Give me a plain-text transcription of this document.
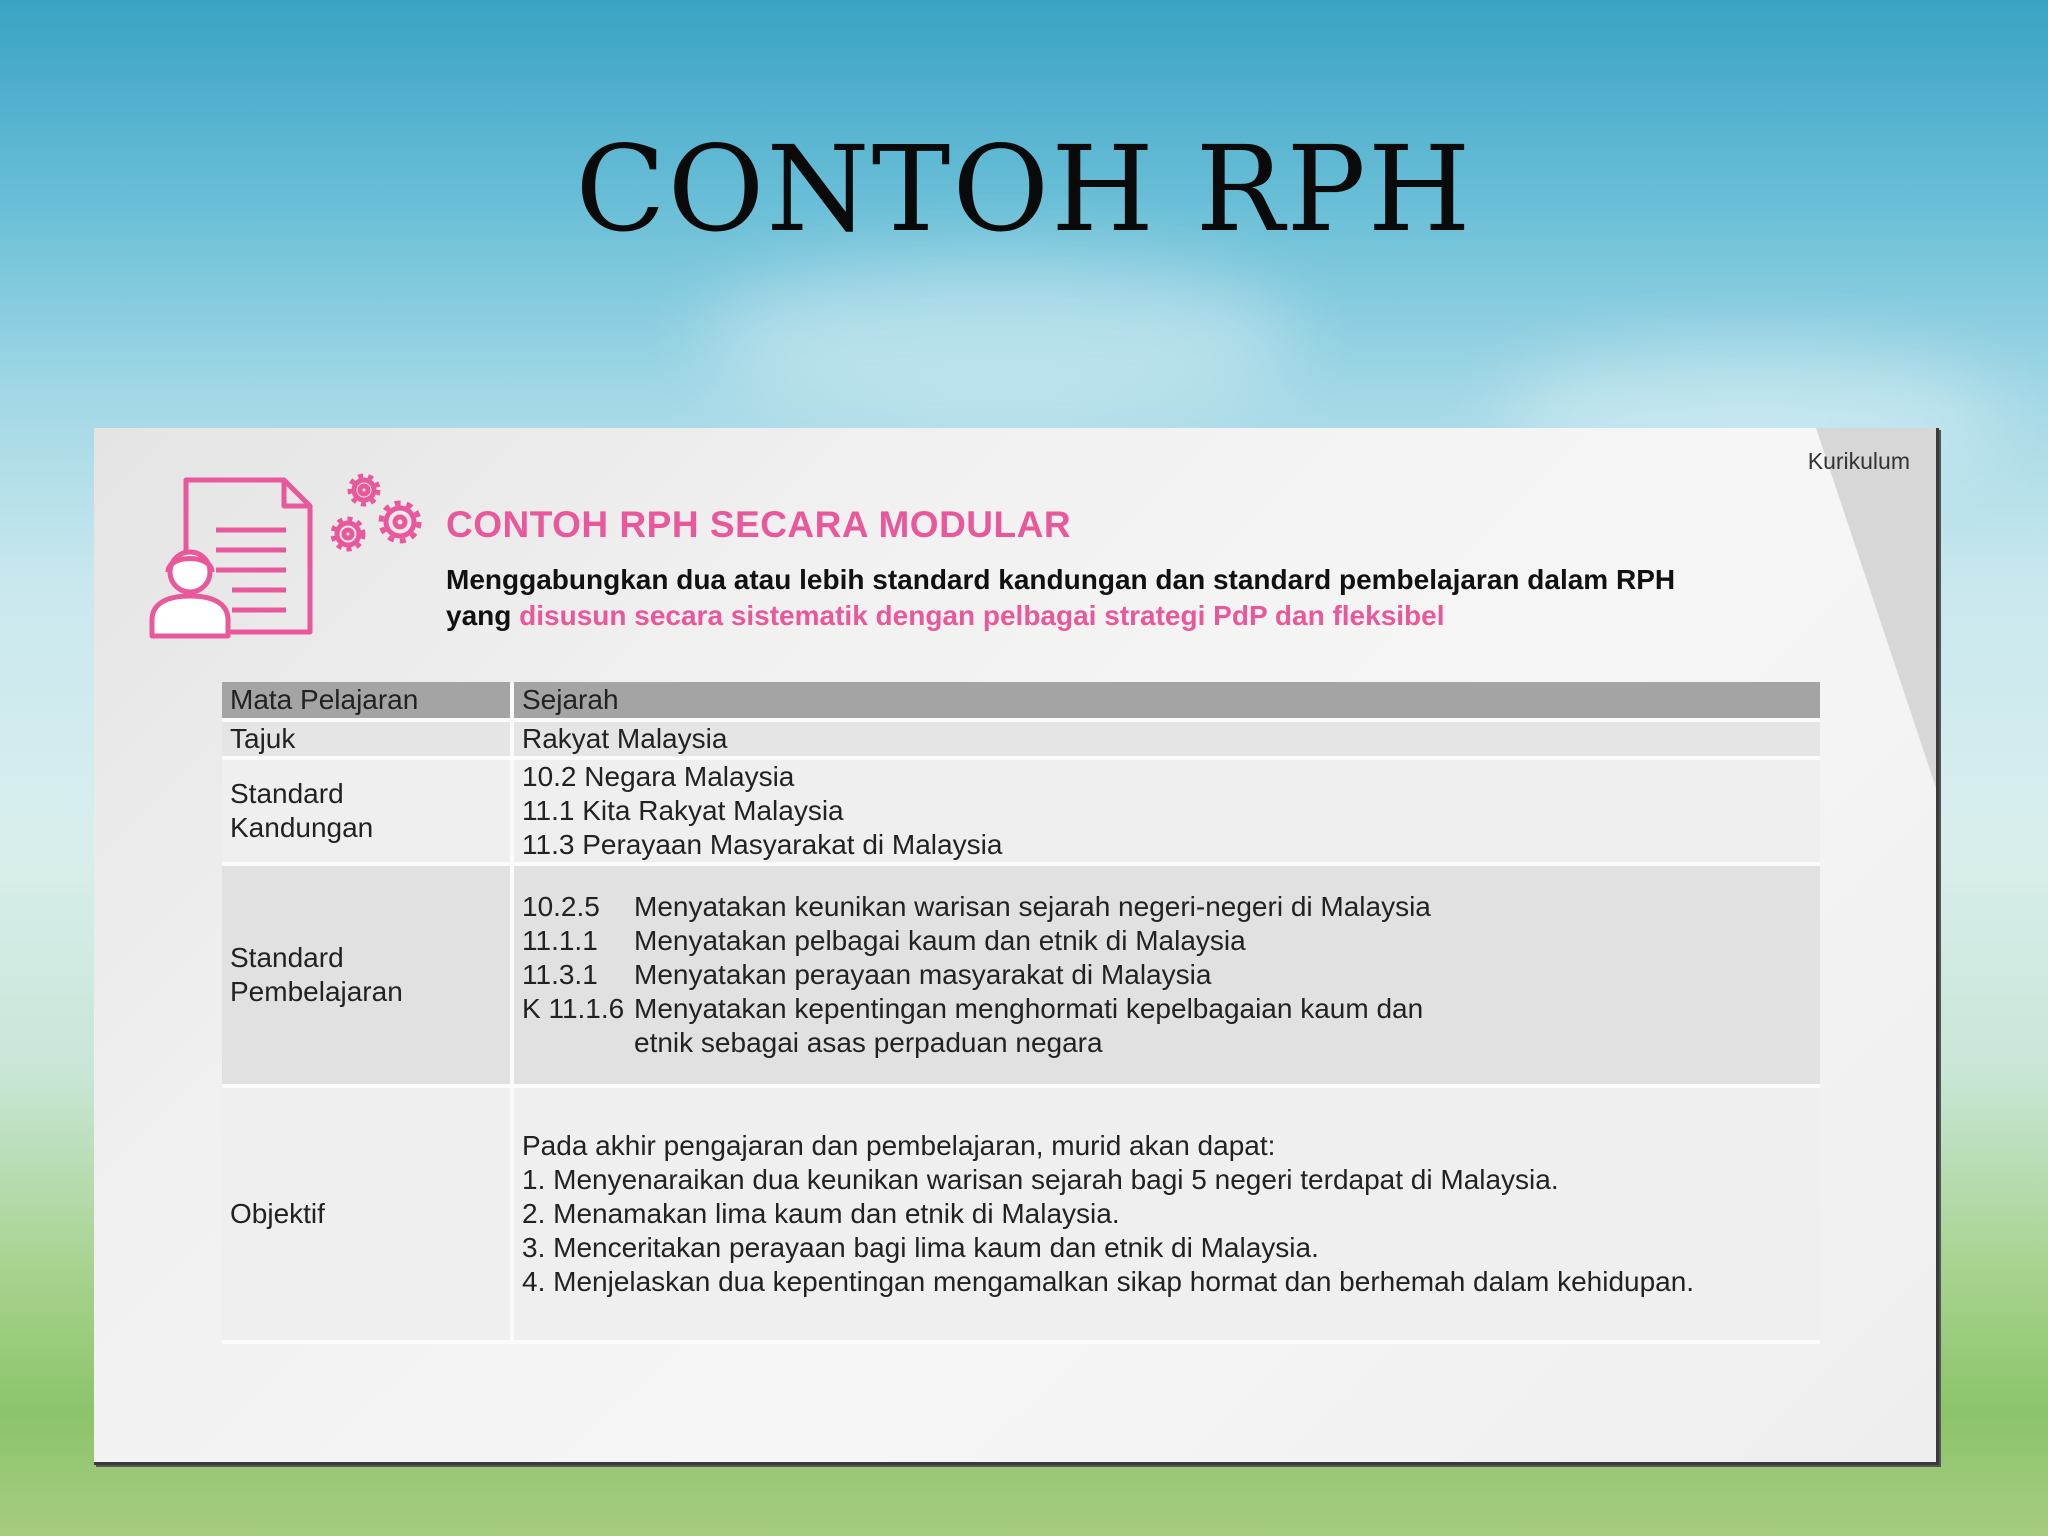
CONTOH RPH
Kurikulum
CONTOH RPH SECARA MODULAR
Menggabungkan dua atau lebih standard kandungan dan standard pembelajaran dalam RPH yang disusun secara sistematik dengan pelbagai strategi PdP dan fleksibel
Mata Pelajaran	Sejarah
Tajuk	Rakyat Malaysia

Standard
Kandungan	10.2 Negara Malaysia
11.1 Kita Rakyat Malaysia
11.3 Perayaan Masyarakat di Malaysia

Standard
Pembelajaran	10.2.5 Menyatakan keunikan warisan sejarah negeri-negeri di Malaysia
11.1.1 Menyatakan pelbagai kaum dan etnik di Malaysia
11.3.1 Menyatakan perayaan masyarakat di Malaysia
K 11.1.6 Menyatakan kepentingan menghormati kepelbagaian kaum dan
etnik sebagai asas perpaduan negara

Objektif	Pada akhir pengajaran dan pembelajaran, murid akan dapat:
1. Menyenaraikan dua keunikan warisan sejarah bagi 5 negeri terdapat di Malaysia.
2. Menamakan lima kaum dan etnik di Malaysia.
3. Menceritakan perayaan bagi lima kaum dan etnik di Malaysia.
4. Menjelaskan dua kepentingan mengamalkan sikap hormat dan berhemah dalam kehidupan.
